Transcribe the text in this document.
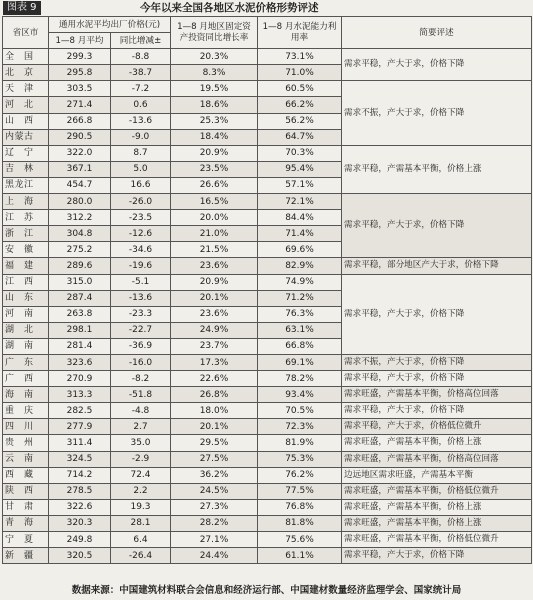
图表 9	今年以来全国各地区水泥价格形势评述
省区市	通用水泥平均出厂价格(元)		1—8 月地区固定资产投资同比增长率	1—8 月水泥能力利用率	简要评述
	1—8 月平均	同比增减±			
全　国	299.3	-8.8	20.3%	73.1%	需求平稳，产大于求，价格下降
北　京	295.8	-38.7	8.3%	71.0%	
天　津	303.5	-7.2	19.5%	60.5%	需求不振，产大于求，价格下降
河　北	271.4	0.6	18.6%	66.2%	
山　西	266.8	-13.6	25.3%	56.2%	
内蒙古	290.5	-9.0	18.4%	64.7%	
辽　宁	322.0	8.7	20.9%	70.3%	需求平稳，产需基本平衡，价格上涨
吉　林	367.1	5.0	23.5%	95.4%	
黑龙江	454.7	16.6	26.6%	57.1%	
上　海	280.0	-26.0	16.5%	72.1%	需求平稳，产大于求，价格下降
江　苏	312.2	-23.5	20.0%	84.4%	
浙　江	304.8	-12.6	21.0%	71.4%	
安　徽	275.2	-34.6	21.5%	69.6%	
福　建	289.6	-19.6	23.6%	82.9%	需求平稳，部分地区产大于求，价格下降
江　西	315.0	-5.1	20.9%	74.9%	需求平稳，产大于求，价格下降
山　东	287.4	-13.6	20.1%	71.2%	
河　南	263.8	-23.3	23.6%	76.3%	
湖　北	298.1	-22.7	24.9%	63.1%	
湖　南	281.4	-36.9	23.7%	66.8%	
广　东	323.6	-16.0	17.3%	69.1%	需求不振，产大于求，价格下降
广　西	270.9	-8.2	22.6%	78.2%	需求平稳，产大于求，价格下降
海　南	313.3	-51.8	26.8%	93.4%	需求旺盛，产需基本平衡，价格高位回落
重　庆	282.5	-4.8	18.0%	70.5%	需求平稳，产大于求，价格下降
四　川	277.9	2.7	20.1%	72.3%	需求平稳，产大于求，价格低位微升
贵　州	311.4	35.0	29.5%	81.9%	需求旺盛，产需基本平衡，价格上涨
云　南	324.5	-2.9	27.5%	75.3%	需求旺盛，产需基本平衡，价格高位回落
西　藏	714.2	72.4	36.2%	76.2%	边远地区需求旺盛，产需基本平衡
陕　西	278.5	2.2	24.5%	77.5%	需求旺盛，产需基本平衡，价格低位微升
甘　肃	322.6	19.3	27.3%	76.8%	需求旺盛，产需基本平衡，价格上涨
青　海	320.3	28.1	28.2%	81.8%	需求旺盛，产需基本平衡，价格上涨
宁　夏	249.8	6.4	27.1%	75.6%	需求旺盛，产需基本平衡，价格低位微升
新　疆	320.5	-26.4	24.4%	61.1%	需求平稳，产大于求，价格下降
数据来源：中国建筑材料联合会信息和经济运行部、中国建材数量经济监理学会、国家统计局
